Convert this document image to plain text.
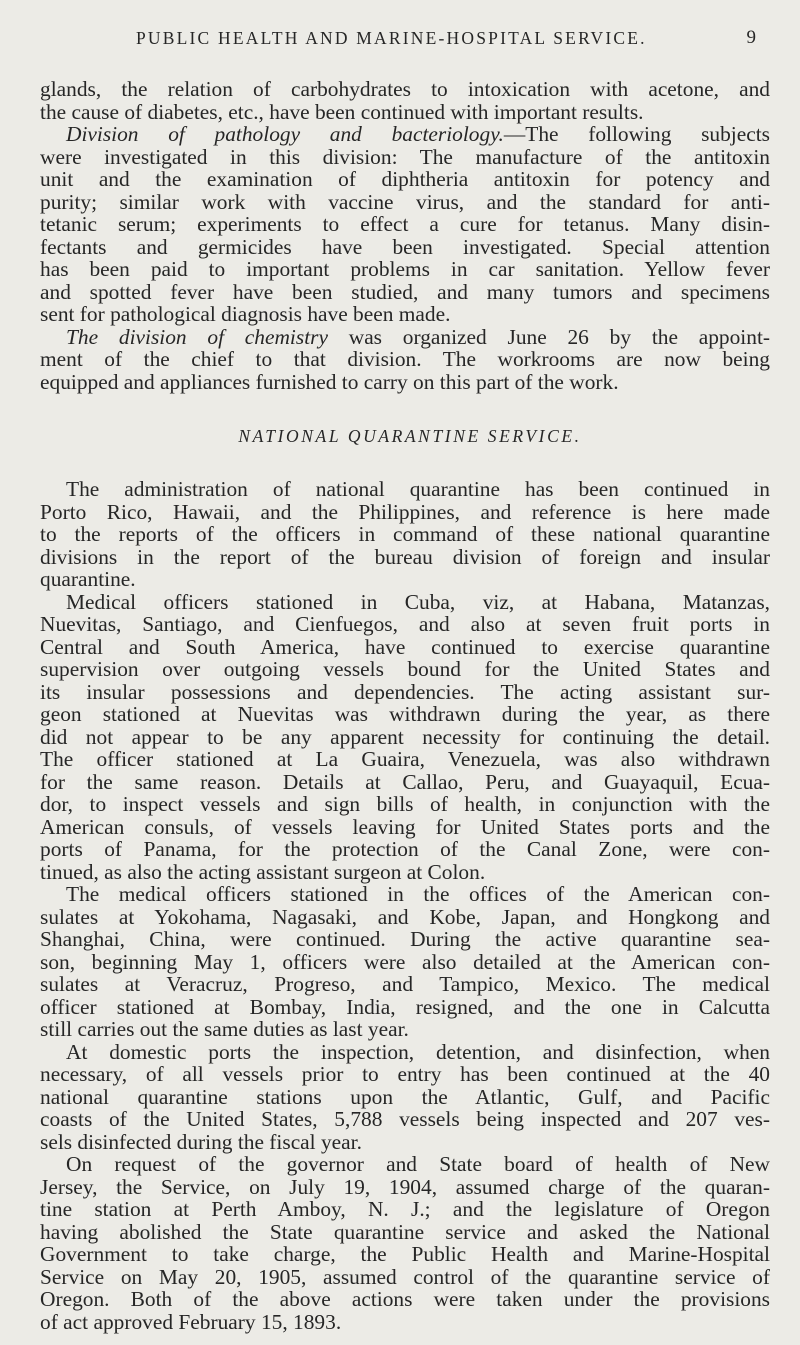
PUBLIC HEALTH AND MARINE-HOSPITAL SERVICE.	9

glands, the relation of carbohydrates to intoxication with acetone, and

the cause of diabetes, etc., have been continued with important results.

Division of pathology and bacteriology.—The following subjects

were investigated in this division: The manufacture of the antitoxin

unit and the examination of diphtheria antitoxin for potency and

purity; similar work with vaccine virus, and the standard for anti-

tetanic serum; experiments to effect a cure for tetanus. Many disin-

fectants and germicides have been investigated. Special attention

has been paid to important problems in car sanitation. Yellow fever

and spotted fever have been studied, and many tumors and specimens

sent for pathological diagnosis have been made.

The division of chemistry was organized June 26 by the appoint-

ment of the chief to that division. The workrooms are now being

equipped and appliances furnished to carry on this part of the work.

NATIONAL QUARANTINE SERVICE.

The administration of national quarantine has been continued in

Porto Rico, Hawaii, and the Philippines, and reference is here made

to the reports of the officers in command of these national quarantine

divisions in the report of the bureau division of foreign and insular

quarantine.

Medical officers stationed in Cuba, viz, at Habana, Matanzas,

Nuevitas, Santiago, and Cienfuegos, and also at seven fruit ports in

Central and South America, have continued to exercise quarantine

supervision over outgoing vessels bound for the United States and

its insular possessions and dependencies. The acting assistant sur-

geon stationed at Nuevitas was withdrawn during the year, as there

did not appear to be any apparent necessity for continuing the detail.

The officer stationed at La Guaira, Venezuela, was also withdrawn

for the same reason. Details at Callao, Peru, and Guayaquil, Ecua-

dor, to inspect vessels and sign bills of health, in conjunction with the

American consuls, of vessels leaving for United States ports and the

ports of Panama, for the protection of the Canal Zone, were con-

tinued, as also the acting assistant surgeon at Colon.

The medical officers stationed in the offices of the American con-

sulates at Yokohama, Nagasaki, and Kobe, Japan, and Hongkong and

Shanghai, China, were continued. During the active quarantine sea-

son, beginning May 1, officers were also detailed at the American con-

sulates at Veracruz, Progreso, and Tampico, Mexico. The medical

officer stationed at Bombay, India, resigned, and the one in Calcutta

still carries out the same duties as last year.

At domestic ports the inspection, detention, and disinfection, when

necessary, of all vessels prior to entry has been continued at the 40

national quarantine stations upon the Atlantic, Gulf, and Pacific

coasts of the United States, 5,788 vessels being inspected and 207 ves-

sels disinfected during the fiscal year.

On request of the governor and State board of health of New

Jersey, the Service, on July 19, 1904, assumed charge of the quaran-

tine station at Perth Amboy, N. J.; and the legislature of Oregon

having abolished the State quarantine service and asked the National

Government to take charge, the Public Health and Marine-Hospital

Service on May 20, 1905, assumed control of the quarantine service of

Oregon. Both of the above actions were taken under the provisions

of act approved February 15, 1893.
